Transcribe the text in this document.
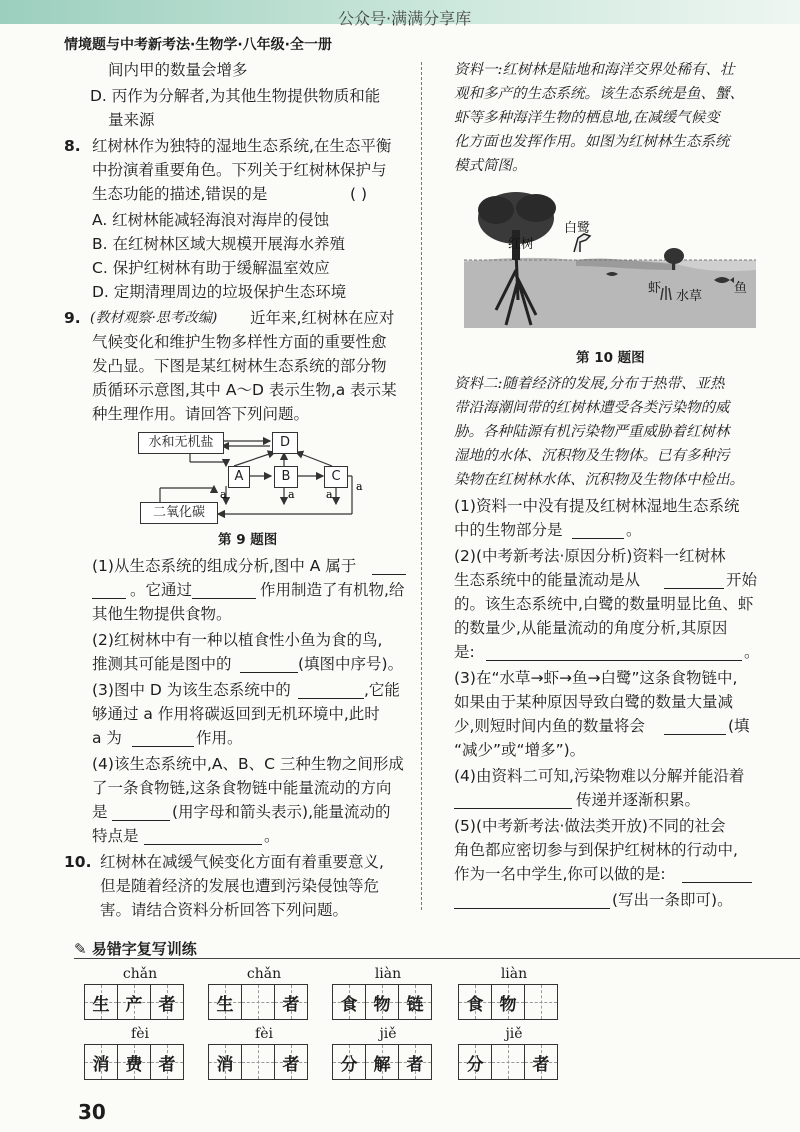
公众号·满满分享库
情境题与中考新考法·生物学·八年级·全一册
间内甲的数量会增多
D. 丙作为分解者,为其他生物提供物质和能
量来源
8. 红树林作为独特的湿地生态系统,在生态平衡
中扮演着重要角色。下列关于红树林保护与
生态功能的描述,错误的是	( )
A. 红树林能减轻海浪对海岸的侵蚀
B. 在红树林区域大规模开展海水养殖
C. 保护红树林有助于缓解温室效应
D. 定期清理周边的垃圾保护生态环境
9. (教材观察·思考改编) 近年来,红树林在应对
气候变化和维护生物多样性方面的重要性愈
发凸显。下图是某红树林生态系统的部分物
质循环示意图,其中 A～D 表示生物,a 表示某
种生理作用。请回答下列问题。
a	a	a
a
水和无机盐	D
A	B	C
二氧化碳
第 9 题图
(1)从生态系统的组成分析,图中 A 属于
。它通过	作用制造了有机物,给
其他生物提供食物。
(2)红树林中有一种以植食性小鱼为食的鸟,
推测其可能是图中的	(填图中序号)。
(3)图中 D 为该生态系统中的	,它能
够通过 a 作用将碳返回到无机环境中,此时
a 为	作用。
(4)该生态系统中,A、B、C 三种生物之间形成
了一条食物链,这条食物链中能量流动的方向
是	(用字母和箭头表示),能量流动的
特点是	。
10. 红树林在减缓气候变化方面有着重要意义,
但是随着经济的发展也遭到污染侵蚀等危
害。请结合资料分析回答下列问题。
资料一:红树林是陆地和海洋交界处稀有、壮
观和多产的生态系统。该生态系统是鱼、蟹、
虾等多种海洋生物的栖息地,在减缓气候变
化方面也发挥作用。如图为红树林生态系统
模式简图。
红树
白鹭
虾
水草
鱼
第 10 题图
资料二:随着经济的发展,分布于热带、亚热
带沿海潮间带的红树林遭受各类污染物的威
胁。各种陆源有机污染物严重威胁着红树林
湿地的水体、沉积物及生物体。已有多种污
染物在红树林水体、沉积物及生物体中检出。
(1)资料一中没有提及红树林湿地生态系统
中的生物部分是	。
(2)(中考新考法·原因分析)资料一红树林
生态系统中的能量流动是从	开始
的。该生态系统中,白鹭的数量明显比鱼、虾
的数量少,从能量流动的角度分析,其原因
是:	。
(3)在“水草→虾→鱼→白鹭”这条食物链中,
如果由于某种原因导致白鹭的数量大量减
少,则短时间内鱼的数量将会	(填
“减少”或“增多”)。
(4)由资料二可知,污染物难以分解并能沿着
传递并逐渐积累。
(5)(中考新考法·做法类开放)不同的社会
角色都应密切参与到保护红树林的行动中,
作为一名中学生,你可以做的是:
(写出一条即可)。
✎ 易错字复写训练
chǎn
生 产 者
chǎn
生	者
liàn
食 物 链
liàn
食 物
fèi
消 费 者
fèi
消	者
jiě
分 解 者
jiě
分	者
30
